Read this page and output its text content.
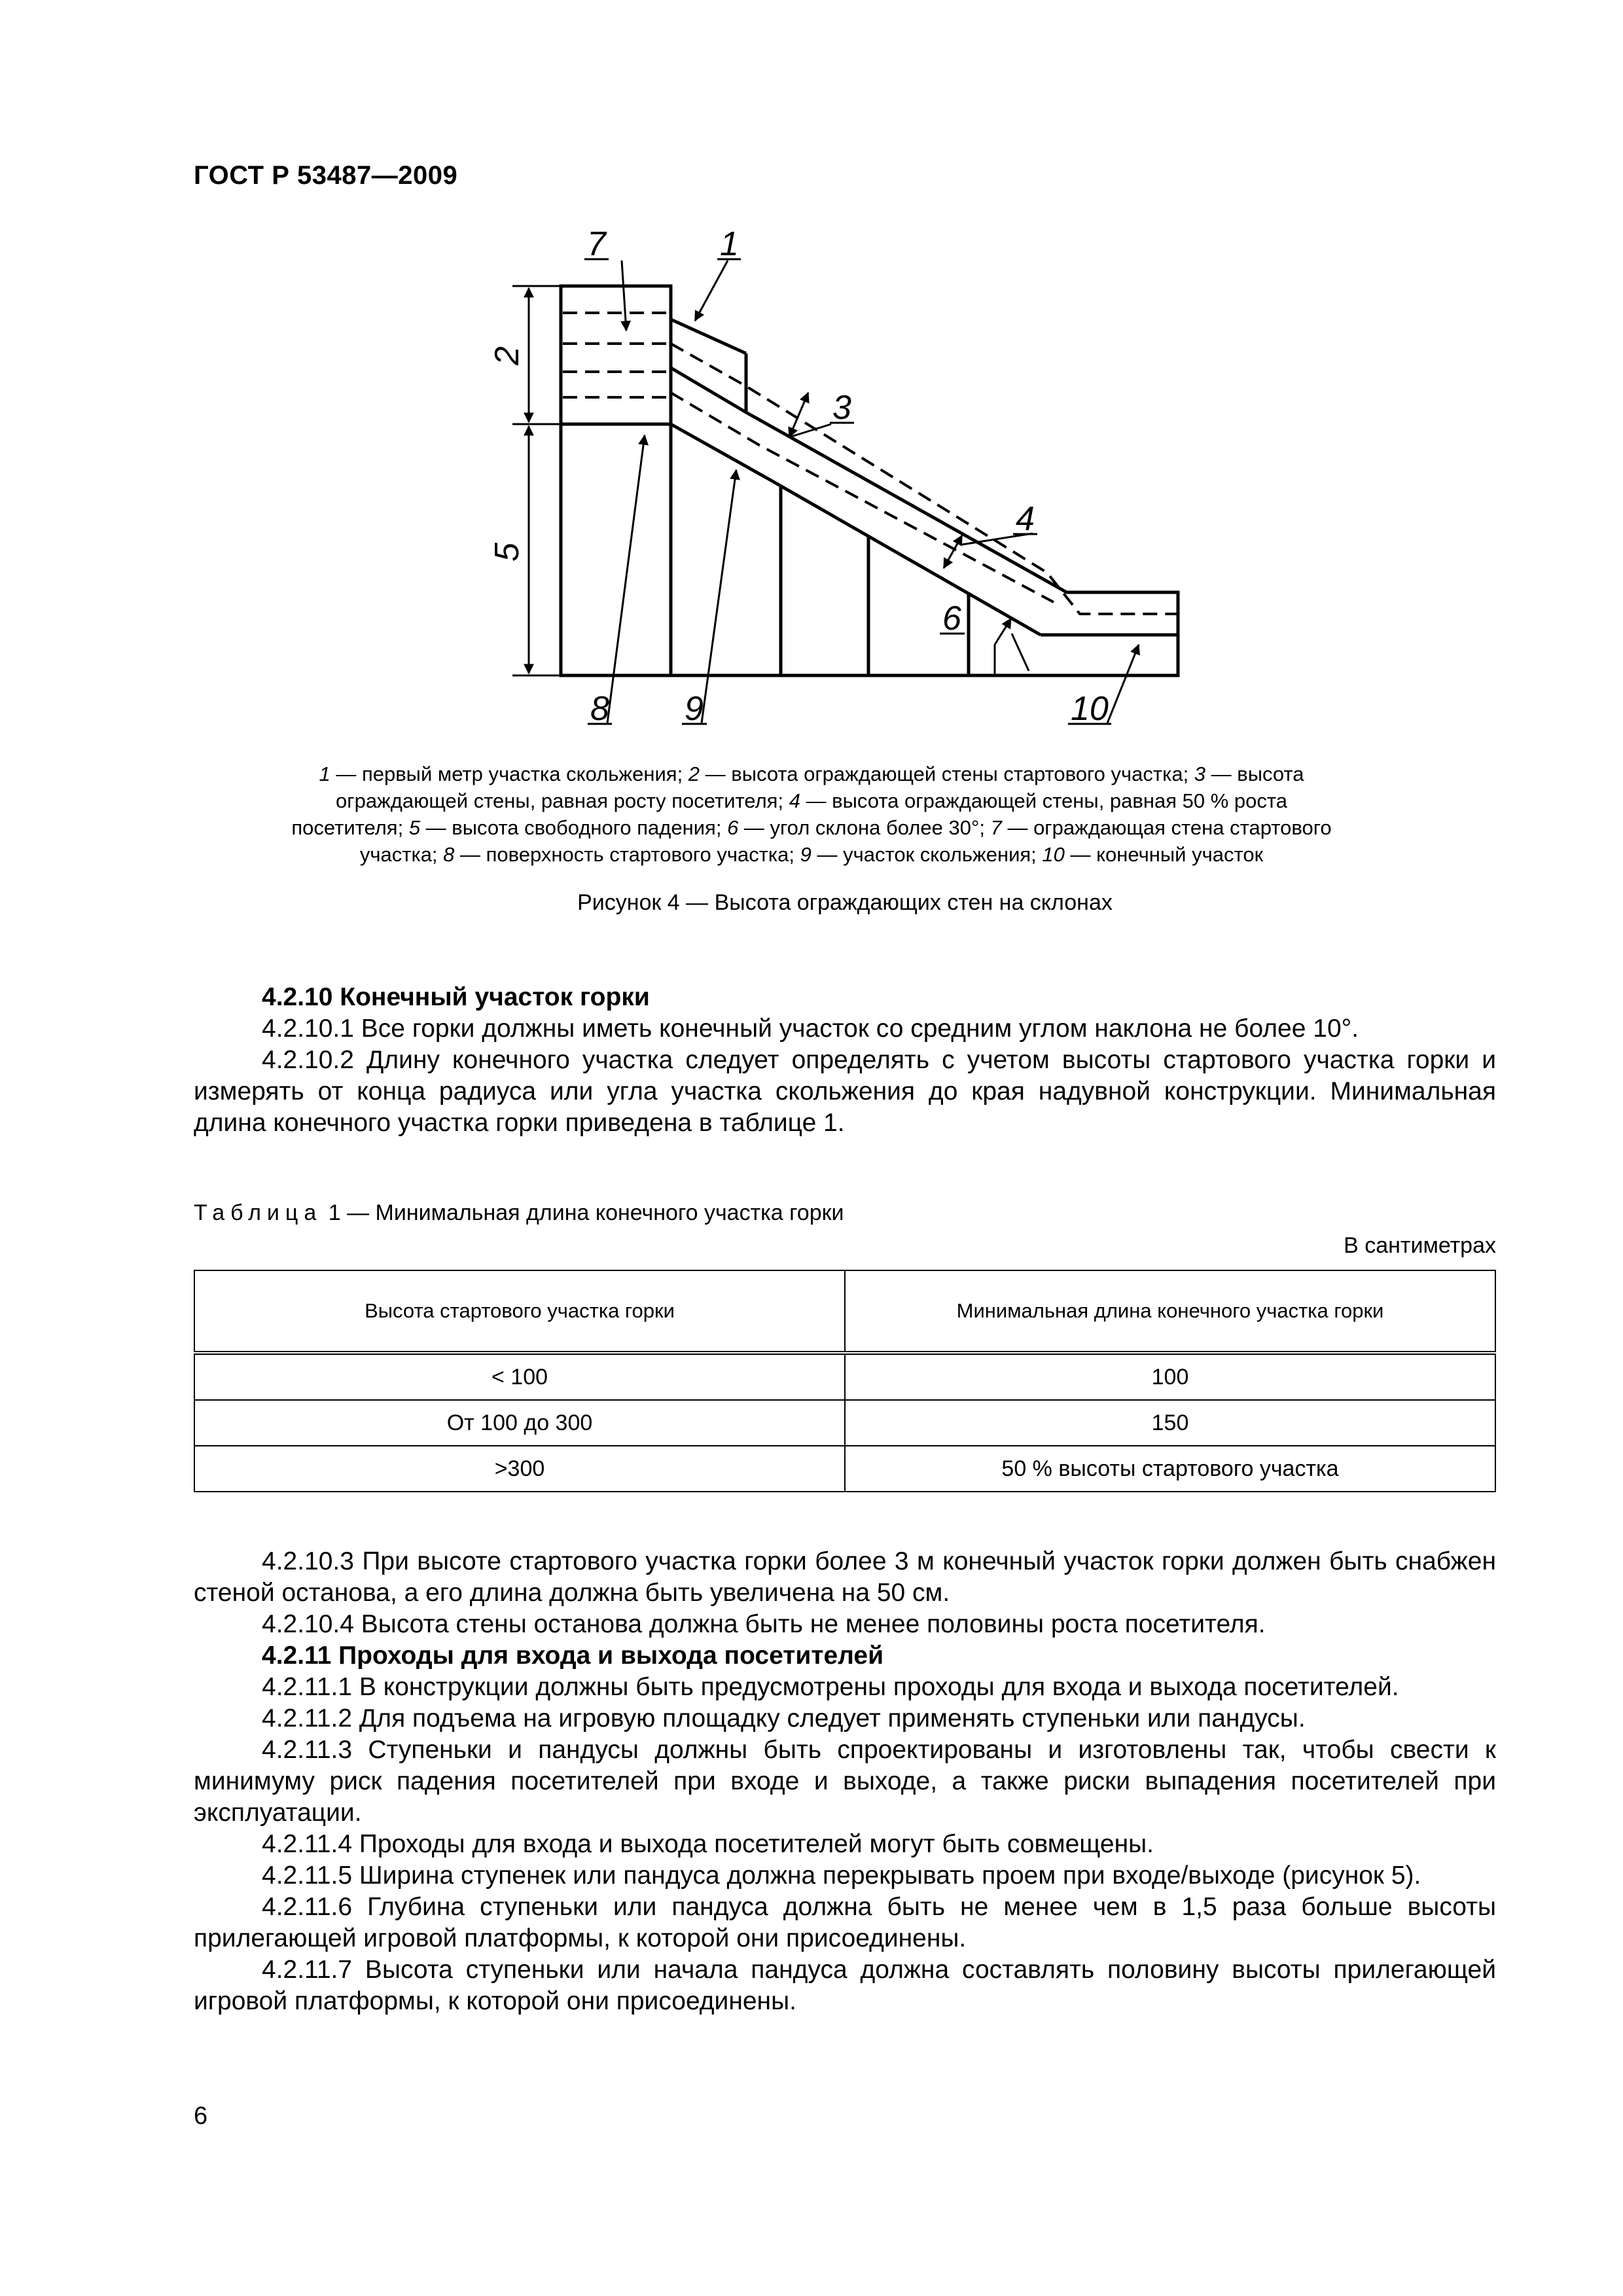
ГОСТ Р 53487—2009
7	1
3
4
6
8 9	10
2
5
1 — первый метр участка скольжения; 2 — высота ограждающей стены стартового участка; 3 — высота ограждающей стены, равная росту посетителя; 4 — высота ограждающей стены, равная 50 % роста посетителя; 5 — высота свободного падения; 6 — угол склона более 30°; 7 — ограждающая стена стартового участка; 8 — поверхность стартового участка; 9 — участок скольжения; 10 — конечный участок
Рисунок 4 — Высота ограждающих стен на склонах

4.2.10 Конечный участок горки

4.2.10.1 Все горки должны иметь конечный участок со средним углом наклона не более 10°.

4.2.10.2 Длину конечного участка следует определять с учетом высоты стартового участка горки и измерять от конца радиуса или угла участка скольжения до края надувной конструкции. Минимальная длина конечного участка горки приведена в таблице 1.

Таблица 1 — Минимальная длина конечного участка горки
В сантиметрах
Высота стартового участка горки	Минимальная длина конечного участка горки
< 100	100
От 100 до 300	150
>300	50 % высоты стартового участка

4.2.10.3 При высоте стартового участка горки более 3 м конечный участок горки должен быть снабжен стеной останова, а его длина должна быть увеличена на 50 см.

4.2.10.4 Высота стены останова должна быть не менее половины роста посетителя.

4.2.11 Проходы для входа и выхода посетителей

4.2.11.1 В конструкции должны быть предусмотрены проходы для входа и выхода посетителей.

4.2.11.2 Для подъема на игровую площадку следует применять ступеньки или пандусы.

4.2.11.3 Ступеньки и пандусы должны быть спроектированы и изготовлены так, чтобы свести к минимуму риск падения посетителей при входе и выходе, а также риски выпадения посетителей при эксплуатации.

4.2.11.4 Проходы для входа и выхода посетителей могут быть совмещены.

4.2.11.5 Ширина ступенек или пандуса должна перекрывать проем при входе/выходе (рисунок 5).

4.2.11.6 Глубина ступеньки или пандуса должна быть не менее чем в 1,5 раза больше высоты прилегающей игровой платформы, к которой они присоединены.

4.2.11.7 Высота ступеньки или начала пандуса должна составлять половину высоты прилегающей игровой платформы, к которой они присоединены.

6
